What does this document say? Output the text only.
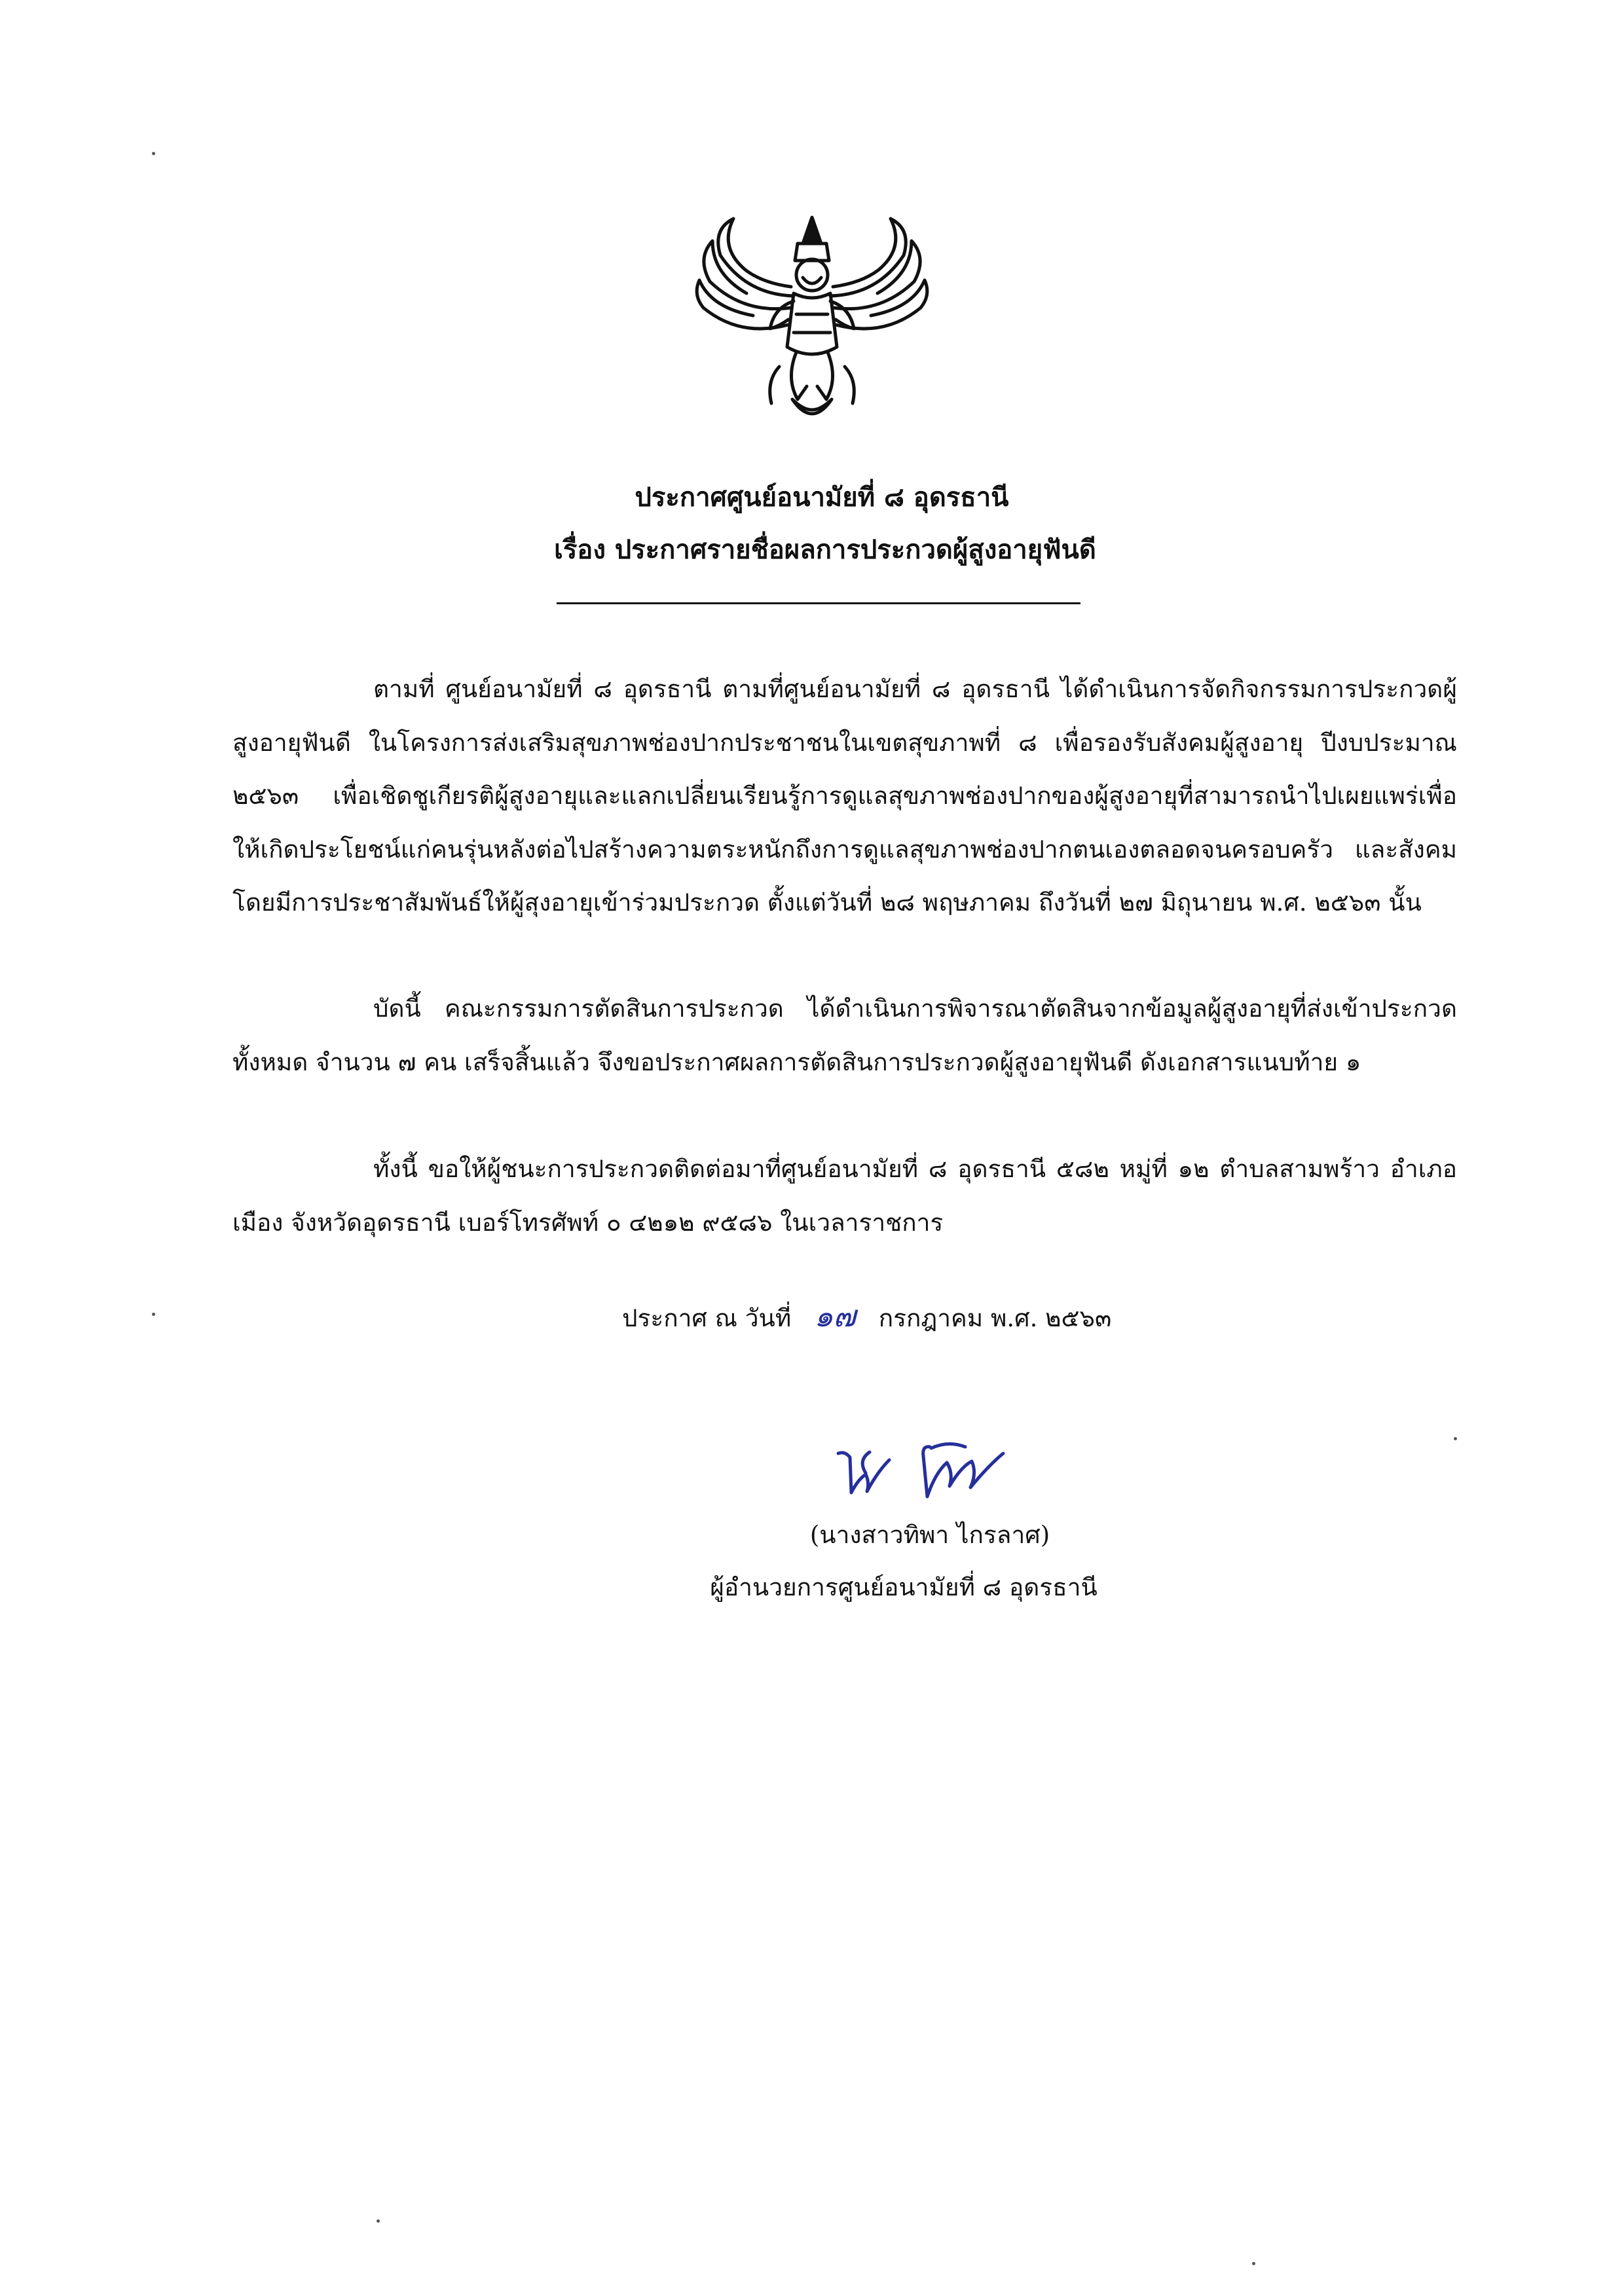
ประกาศศูนย์อนามัยที่ ๘ อุดรธานี
เรื่อง ประกาศรายชื่อผลการประกวดผู้สูงอายุฟันดี

ตามที่ ศูนย์อนามัยที่ ๘ อุดรธานี ตามที่ศูนย์อนามัยที่ ๘ อุดรธานี ได้ดำเนินการจัดกิจกรรมการประกวดผู้สูงอายุฟันดี ในโครงการส่งเสริมสุขภาพช่องปากประชาชนในเขตสุขภาพที่ ๘ เพื่อรองรับสังคมผู้สูงอายุ ปีงบประมาณ ๒๕๖๓ เพื่อเชิดชูเกียรติผู้สูงอายุและแลกเปลี่ยนเรียนรู้การดูแลสุขภาพช่องปากของผู้สูงอายุที่สามารถนำไปเผยแพร่เพื่อให้เกิดประโยชน์แก่คนรุ่นหลังต่อไปสร้างความตระหนักถึงการดูแลสุขภาพช่องปากตนเองตลอดจนครอบครัว และสังคม โดยมีการประชาสัมพันธ์ให้ผู้สุงอายุเข้าร่วมประกวด ตั้งแต่วันที่ ๒๘ พฤษภาคม ถึงวันที่ ๒๗ มิถุนายน พ.ศ. ๒๕๖๓ นั้น

บัดนี้ คณะกรรมการตัดสินการประกวด ได้ดำเนินการพิจารณาตัดสินจากข้อมูลผู้สูงอายุที่ส่งเข้าประกวดทั้งหมด จำนวน ๗ คน เสร็จสิ้นแล้ว จึงขอประกาศผลการตัดสินการประกวดผู้สูงอายุฟันดี ดังเอกสารแนบท้าย ๑

ทั้งนี้ ขอให้ผู้ชนะการประกวดติดต่อมาที่ศูนย์อนามัยที่ ๘ อุดรธานี ๕๘๒ หมู่ที่ ๑๒ ตำบลสามพร้าว อำเภอเมือง จังหวัดอุดรธานี เบอร์โทรศัพท์ ๐ ๔๒๑๒ ๙๕๘๖ ในเวลาราชการ

ประกาศ ณ วันที่ ๑๗ กรกฎาคม พ.ศ. ๒๕๖๓
(นางสาวทิพา ไกรลาศ)
ผู้อำนวยการศูนย์อนามัยที่ ๘ อุดรธานี
